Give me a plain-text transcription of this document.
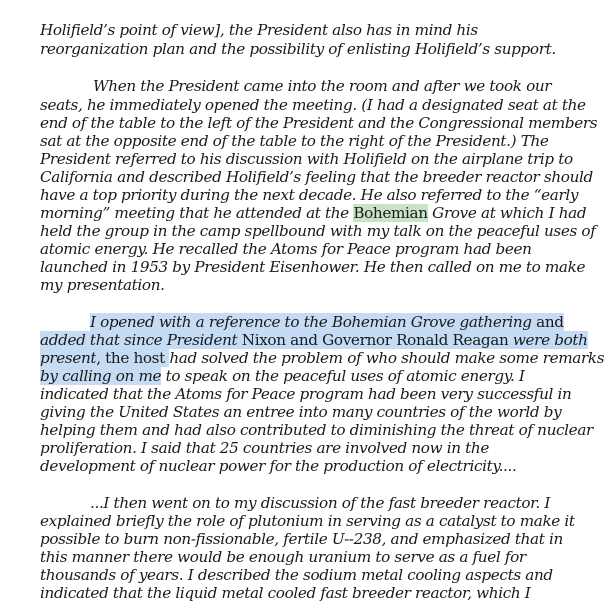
Holifield’s point of view], the President also has in mind his
reorganization plan and the possibility of enlisting Holifield’s support.
When the President came into the room and after we took our
seats, he immediately opened the meeting. (I had a designated seat at the
end of the table to the left of the President and the Congressional members
sat at the opposite end of the table to the right of the President.) The
President referred to his discussion with Holifield on the airplane trip to
California and described Holifield’s feeling that the breeder reactor should
have a top priority during the next decade. He also referred to the “early
morning” meeting that he attended at the Bohemian Grove at which I had
held the group in the camp spellbound with my talk on the peaceful uses of
atomic energy. He recalled the Atoms for Peace program had been
launched in 1953 by President Eisenhower. He then called on me to make
my presentation.
I opened with a reference to the Bohemian Grove gathering and
added that since President Nixon and Governor Ronald Reagan were both
present, the host had solved the problem of who should make some remarks
by calling on me to speak on the peaceful uses of atomic energy. I
indicated that the Atoms for Peace program had been very successful in
giving the United States an entree into many countries of the world by
helping them and had also contributed to diminishing the threat of nuclear
proliferation. I said that 25 countries are involved now in the
development of nuclear power for the production of electricity....
...I then went on to my discussion of the fast breeder reactor. I
explained briefly the role of plutonium in serving as a catalyst to make it
possible to burn non-fissionable, fertile U--238, and emphasized that in
this manner there would be enough uranium to serve as a fuel for
thousands of years. I described the sodium metal cooling aspects and
indicated that the liquid metal cooled fast breeder reactor, which I
